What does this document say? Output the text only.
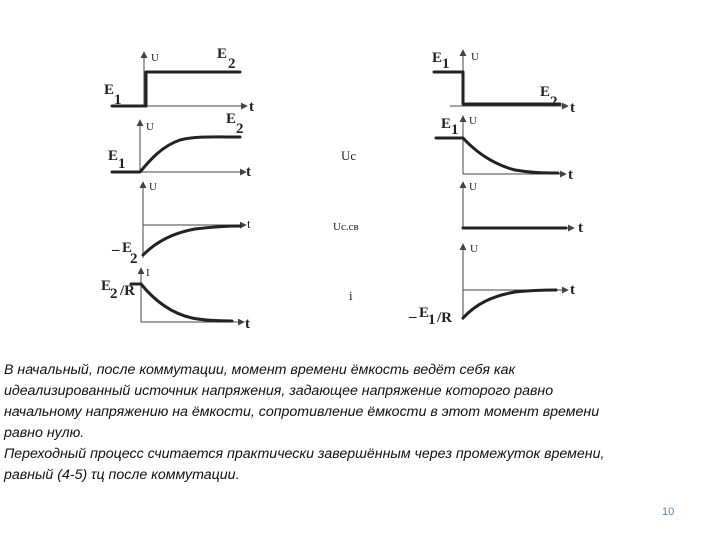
U	E
2
E
1	t
U	E
2
E 1	t
U
– E
2
t
I
E
2 /R
t
Uc
Uc.св
i
U
E 1
E
2 t
U
E 1
t
U
t
U
– E
1 /R
t

В начальный, после коммутации, момент времени ёмкость ведёт себя как

идеализированный источник напряжения, задающее напряжение которого равно

начальному напряжению на ёмкости, сопротивление ёмкости в этот момент времени

равно нулю.

Переходный процесс считается практически завершённым через промежуток времени,

равный (4-5) τц после коммутации.

10
